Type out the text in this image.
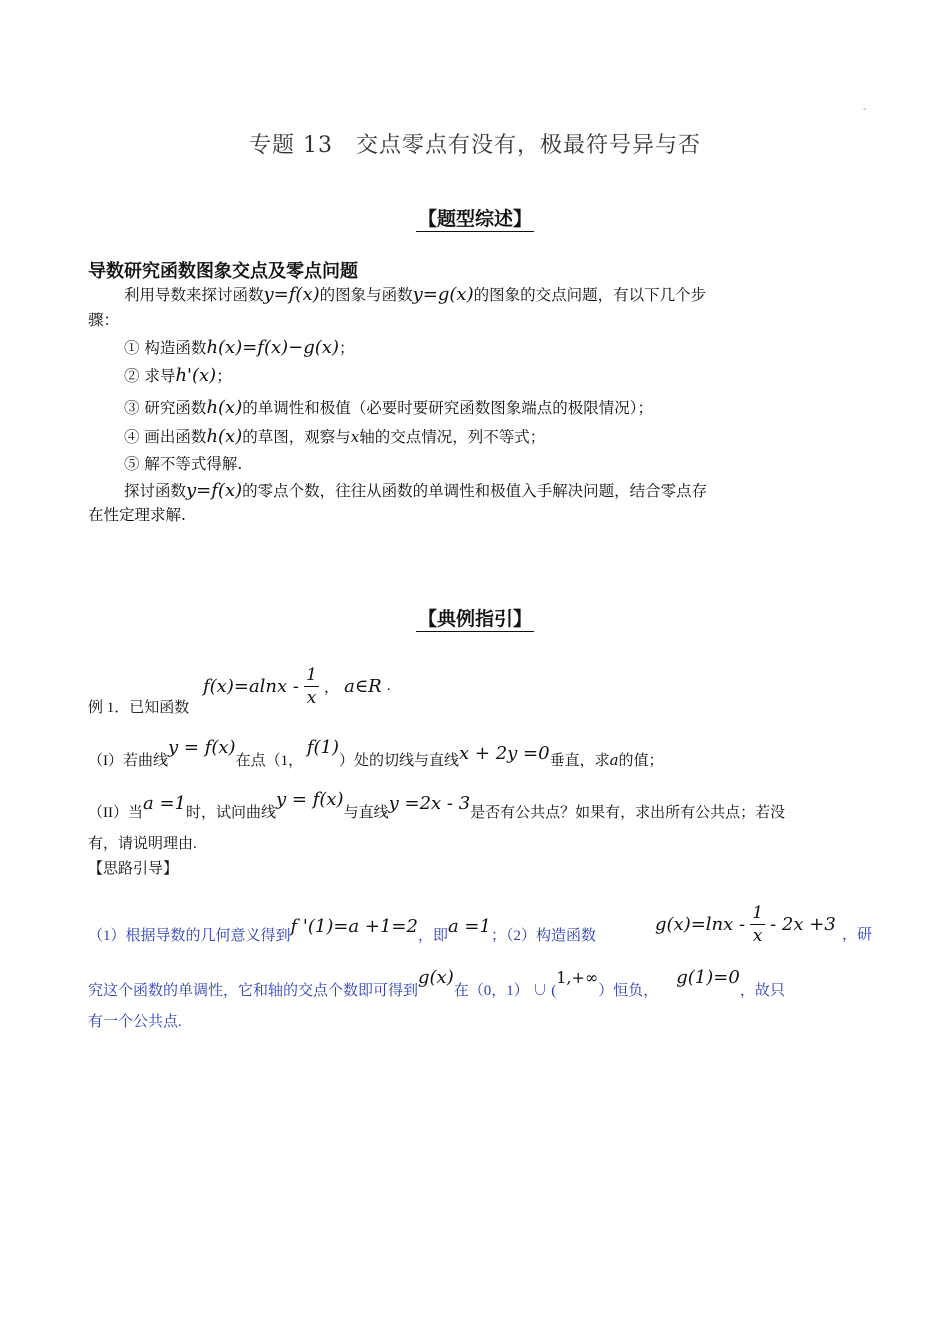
-
专题 13　交点零点有没有，极最符号异与否
【题型综述】
导数研究函数图象交点及零点问题
利用导数来探讨函数y=f(x)的图象与函数y=g(x)的图象的交点问题，有以下几个步
骤：
① 构造函数h(x)=f(x)−g(x)；
② 求导h'(x)；
③ 研究函数h(x)的单调性和极值（必要时要研究函数图象端点的极限情况）；
④ 画出函数h(x)的草图，观察与x轴的交点情况，列不等式；
⑤ 解不等式得解.
探讨函数y=f(x)的零点个数，往往从函数的单调性和极值入手解决问题，结合零点存
在性定理求解.
【典例指引】
例 1．已知函数
$f(x)=alnx - \frac{1}{x}$ ， a∈R .
（I）若曲线y = f(x)在点（1， f(1)）处的切线与直线x + 2y =0垂直，求a的值；
（II）当a =1时，试问曲线y = f(x)与直线y =2x - 3是否有公共点？如果有，求出所有公共点；若没
有，请说明理由.
【思路引导】
（1）根据导数的几何意义得到f '(1)=a +1=2，即a =1；（2）构造函数
$g(x)=\ln x - \frac{1}{x} - 2x +3$ ，研
究这个函数的单调性，它和轴的交点个数即可得到g(x)在（0，1） ∪ (1,+∞）恒负，g(1)=0，故只
有一个公共点.
